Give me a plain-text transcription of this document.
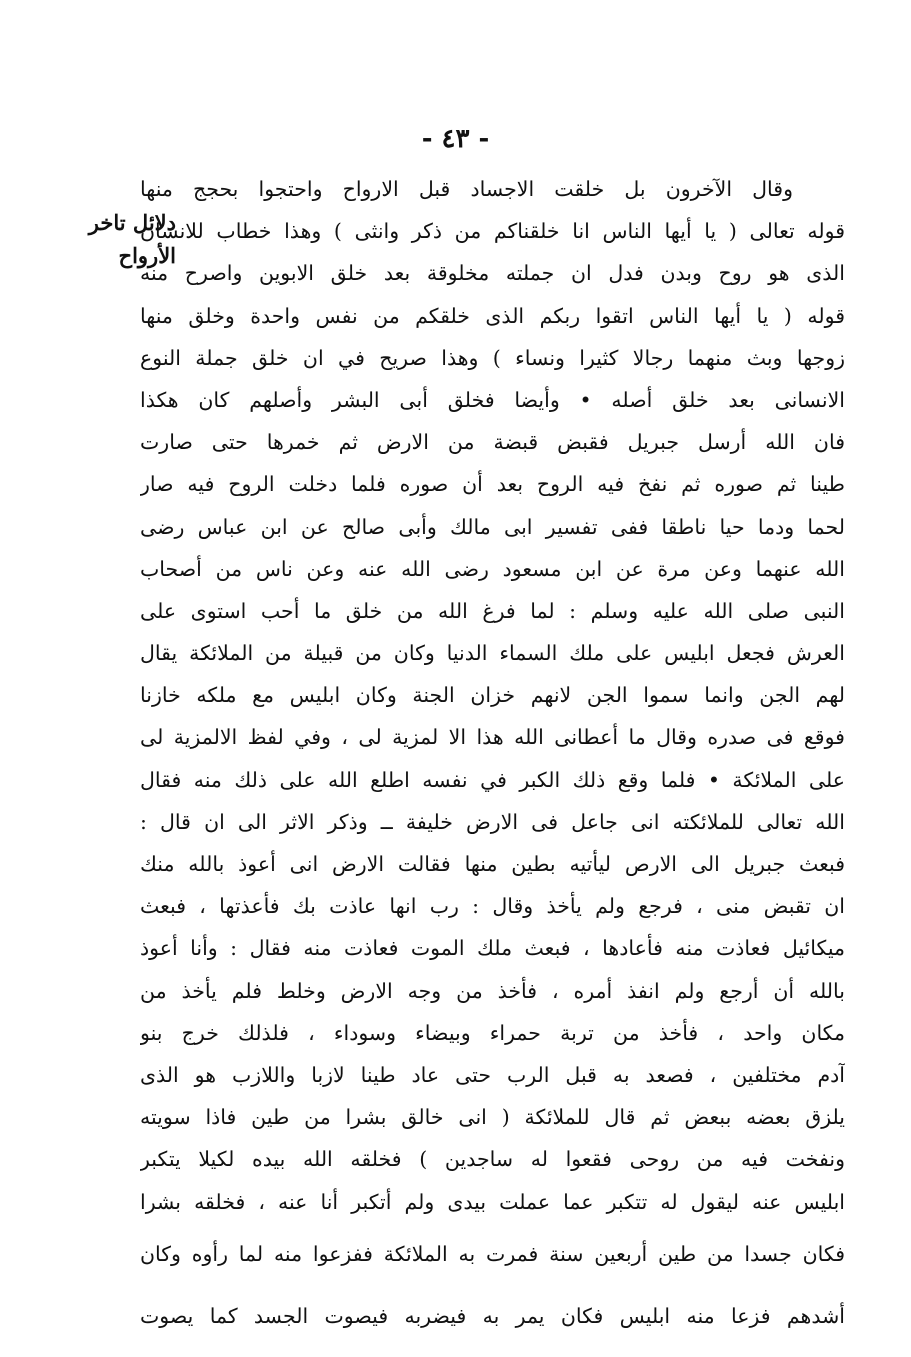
- ٤٣ -
دلائل تاخر
الأرواح
وقال الآخرون بل خلقت الاجساد قبل الارواح واحتجوا بحجج منها
قوله تعالى ( يا أيها الناس انا خلقناكم من ذكر وانثى ) وهذا خطاب للانسان
الذى هو روح وبدن فدل ان جملته مخلوقة بعد خلق الابوين واصرح منه
قوله ( يا أيها الناس اتقوا ربكم الذى خلقكم من نفس واحدة وخلق منها
زوجها وبث منهما رجالا كثيرا ونساء ) وهذا صريح في ان خلق جملة النوع
الانسانى بعد خلق أصله • وأيضا فخلق أبى البشر وأصلهم كان هكذا
فان الله أرسل جبريل فقبض قبضة من الارض ثم خمرها حتى صارت
طينا ثم صوره ثم نفخ فيه الروح بعد أن صوره فلما دخلت الروح فيه صار
لحما ودما حيا ناطقا ففى تفسير ابى مالك وأبى صالح عن ابن عباس رضى
الله عنهما وعن مرة عن ابن مسعود رضى الله عنه وعن ناس من أصحاب
النبى صلى الله عليه وسلم : لما فرغ الله من خلق ما أحب استوى على
العرش فجعل ابليس على ملك السماء الدنيا وكان من قبيلة من الملائكة يقال
لهم الجن وانما سموا الجن لانهم خزان الجنة وكان ابليس مع ملكه خازنا
فوقع فى صدره وقال ما أعطانى الله هذا الا لمزية لى ، وفي لفظ الالمزية لى
على الملائكة • فلما وقع ذلك الكبر في نفسه اطلع الله على ذلك منه فقال
الله تعالى للملائكته انى جاعل فى الارض خليفة ــ وذكر الاثر الى ان قال :
فبعث جبريل الى الارص ليأتيه بطين منها فقالت الارض انى أعوذ بالله منك
ان تقبض منى ، فرجع ولم يأخذ وقال : رب انها عاذت بك فأعذتها ، فبعث
ميكائيل فعاذت منه فأعادها ، فبعث ملك الموت فعاذت منه فقال : وأنا أعوذ
بالله أن أرجع ولم انفذ أمره ، فأخذ من وجه الارض وخلط فلم يأخذ من
مكان واحد ، فأخذ من تربة حمراء وبيضاء وسوداء ، فلذلك خرج بنو
آدم مختلفين ، فصعد به قبل الرب حتى عاد طينا لازبا واللازب هو الذى
يلزق بعضه ببعض ثم قال للملائكة ( انى خالق بشرا من طين فاذا سويته
ونفخت فيه من روحى فقعوا له ساجدين ) فخلقه الله بيده لكيلا يتكبر
ابليس عنه ليقول له تتكبر عما عملت بيدى ولم أتكبر أنا عنه ، فخلقه بشرا
فكان جسدا من طين أربعين سنة فمرت به الملائكة ففزعوا منه لما رأوه وكان
أشدهم فزعا منه ابليس فكان يمر به فيضربه فيصوت الجسد كما يصوت
